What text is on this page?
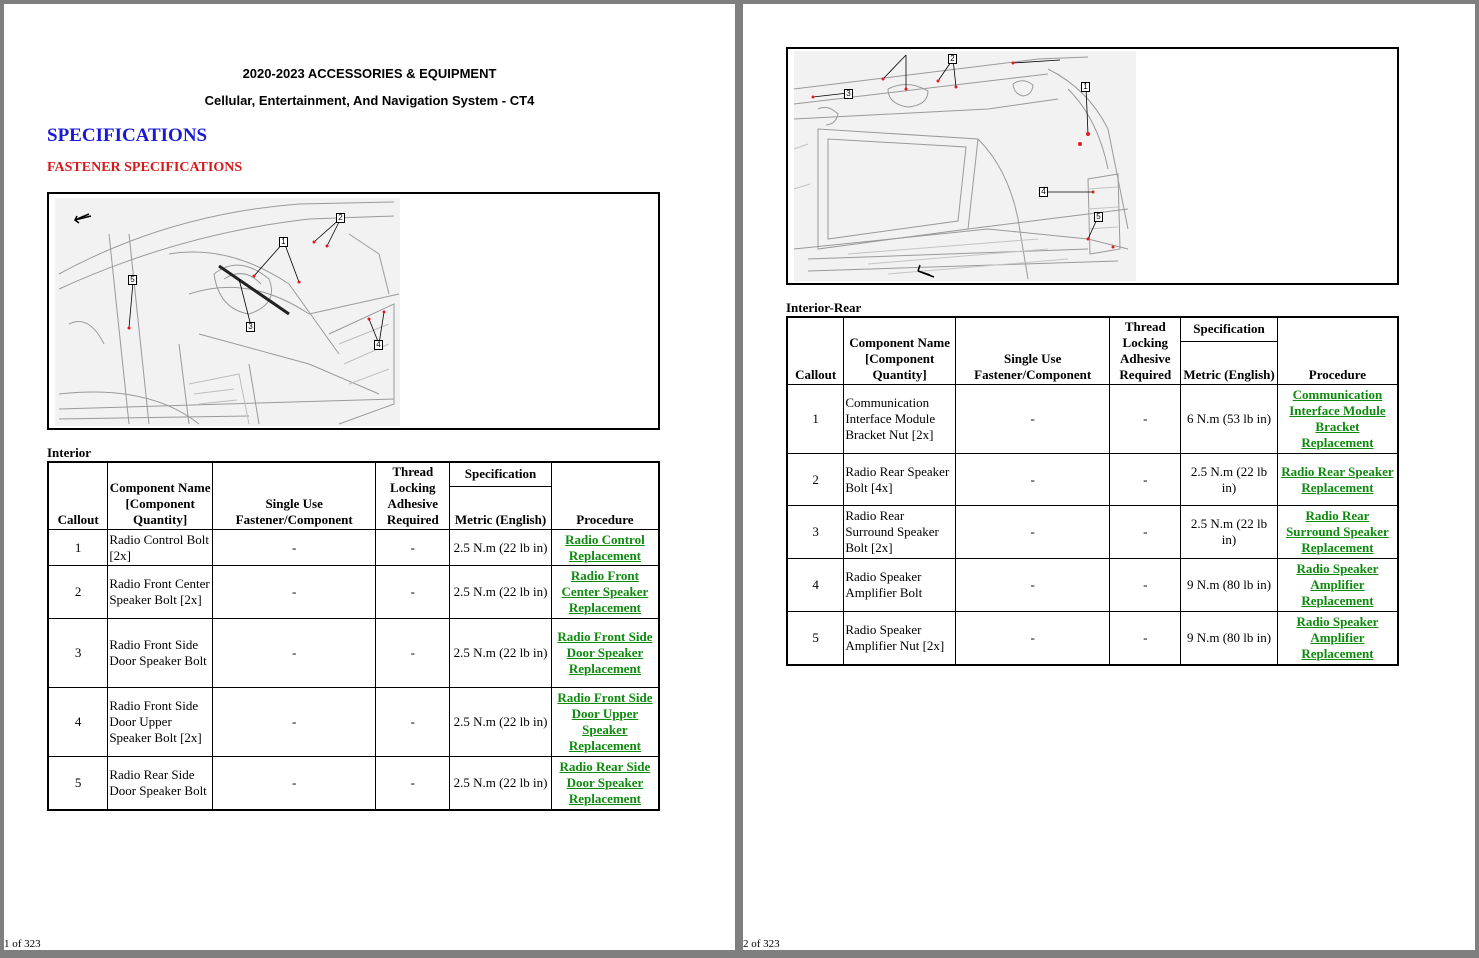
2020-2023 ACCESSORIES & EQUIPMENT
Cellular, Entertainment, And Navigation System - CT4
SPECIFICATIONS
FASTENER SPECIFICATIONS
1
2
3
4
5
Interior
Callout	Component Name [Component Quantity]	Single Use Fastener/Component	Thread Locking Adhesive Required	Specification	Procedure
				Metric (English)	
1	Radio Control Bolt [2x]	-	-	2.5 N.m (22 lb in)	Radio Control Replacement

2	Radio Front Center Speaker Bolt [2x]	-	-	2.5 N.m (22 lb in)	Radio Front Center Speaker Replacement

3	Radio Front Side Door Speaker Bolt	-	-	2.5 N.m (22 lb in)	Radio Front Side Door Speaker Replacement

4	Radio Front Side Door Upper Speaker Bolt [2x]	-	-	2.5 N.m (22 lb in)	Radio Front Side Door Upper Speaker Replacement

5	Radio Rear Side Door Speaker Bolt	-	-	2.5 N.m (22 lb in)	Radio Rear Side Door Speaker Replacement
1 of 323
1
2
3
4
5
Interior-Rear
Callout	Component Name [Component Quantity]	Single Use Fastener/Component	Thread Locking Adhesive Required	Specification	Procedure
				Metric (English)	
1	Communication Interface Module Bracket Nut [2x]	-	-	6 N.m (53 lb in)	Communication Interface Module Bracket Replacement

2	Radio Rear Speaker Bolt [4x]	-	-	2.5 N.m (22 lb in)	Radio Rear Speaker Replacement

3	Radio Rear Surround Speaker Bolt [2x]	-	-	2.5 N.m (22 lb in)	Radio Rear Surround Speaker Replacement

4	Radio Speaker Amplifier Bolt	-	-	9 N.m (80 lb in)	Radio Speaker Amplifier Replacement

5	Radio Speaker Amplifier Nut [2x]	-	-	9 N.m (80 lb in)	Radio Speaker Amplifier Replacement
2 of 323
